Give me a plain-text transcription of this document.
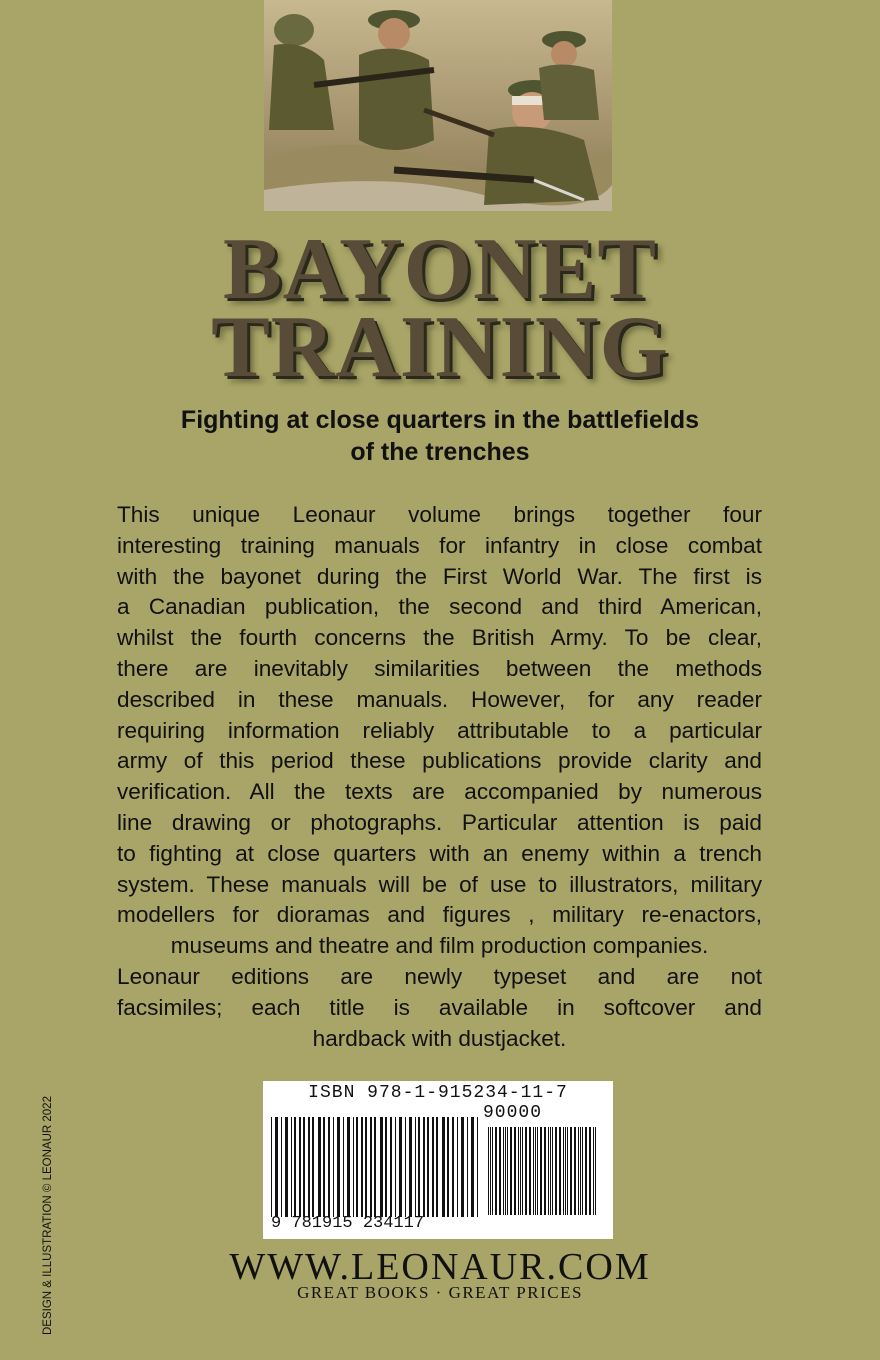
BAYONET
TRAINING
Fighting at close quarters in the battlefields
of the trenches
This unique Leonaur volume brings together four
interesting training manuals for infantry in close combat
with the bayonet during the First World War. The first is
a Canadian publication, the second and third American,
whilst the fourth concerns the British Army. To be clear,
there are inevitably similarities between the methods
described in these manuals. However, for any reader
requiring information reliably attributable to a particular
army of this period these publications provide clarity and
verification. All the texts are accompanied by numerous
line drawing or photographs. Particular attention is paid
to fighting at close quarters with an enemy within a trench
system. These manuals will be of use to illustrators, military
modellers for dioramas and figures , military re-enactors,
museums and theatre and film production companies.
Leonaur editions are newly typeset and are not
facsimiles; each title is available in softcover and
hardback with dustjacket.
ISBN 978-1-915234-11-7
90000
9 781915 234117
WWW.LEONAUR.COM
GREAT BOOKS · GREAT PRICES
DESIGN & ILLUSTRATION © LEONAUR 2022
